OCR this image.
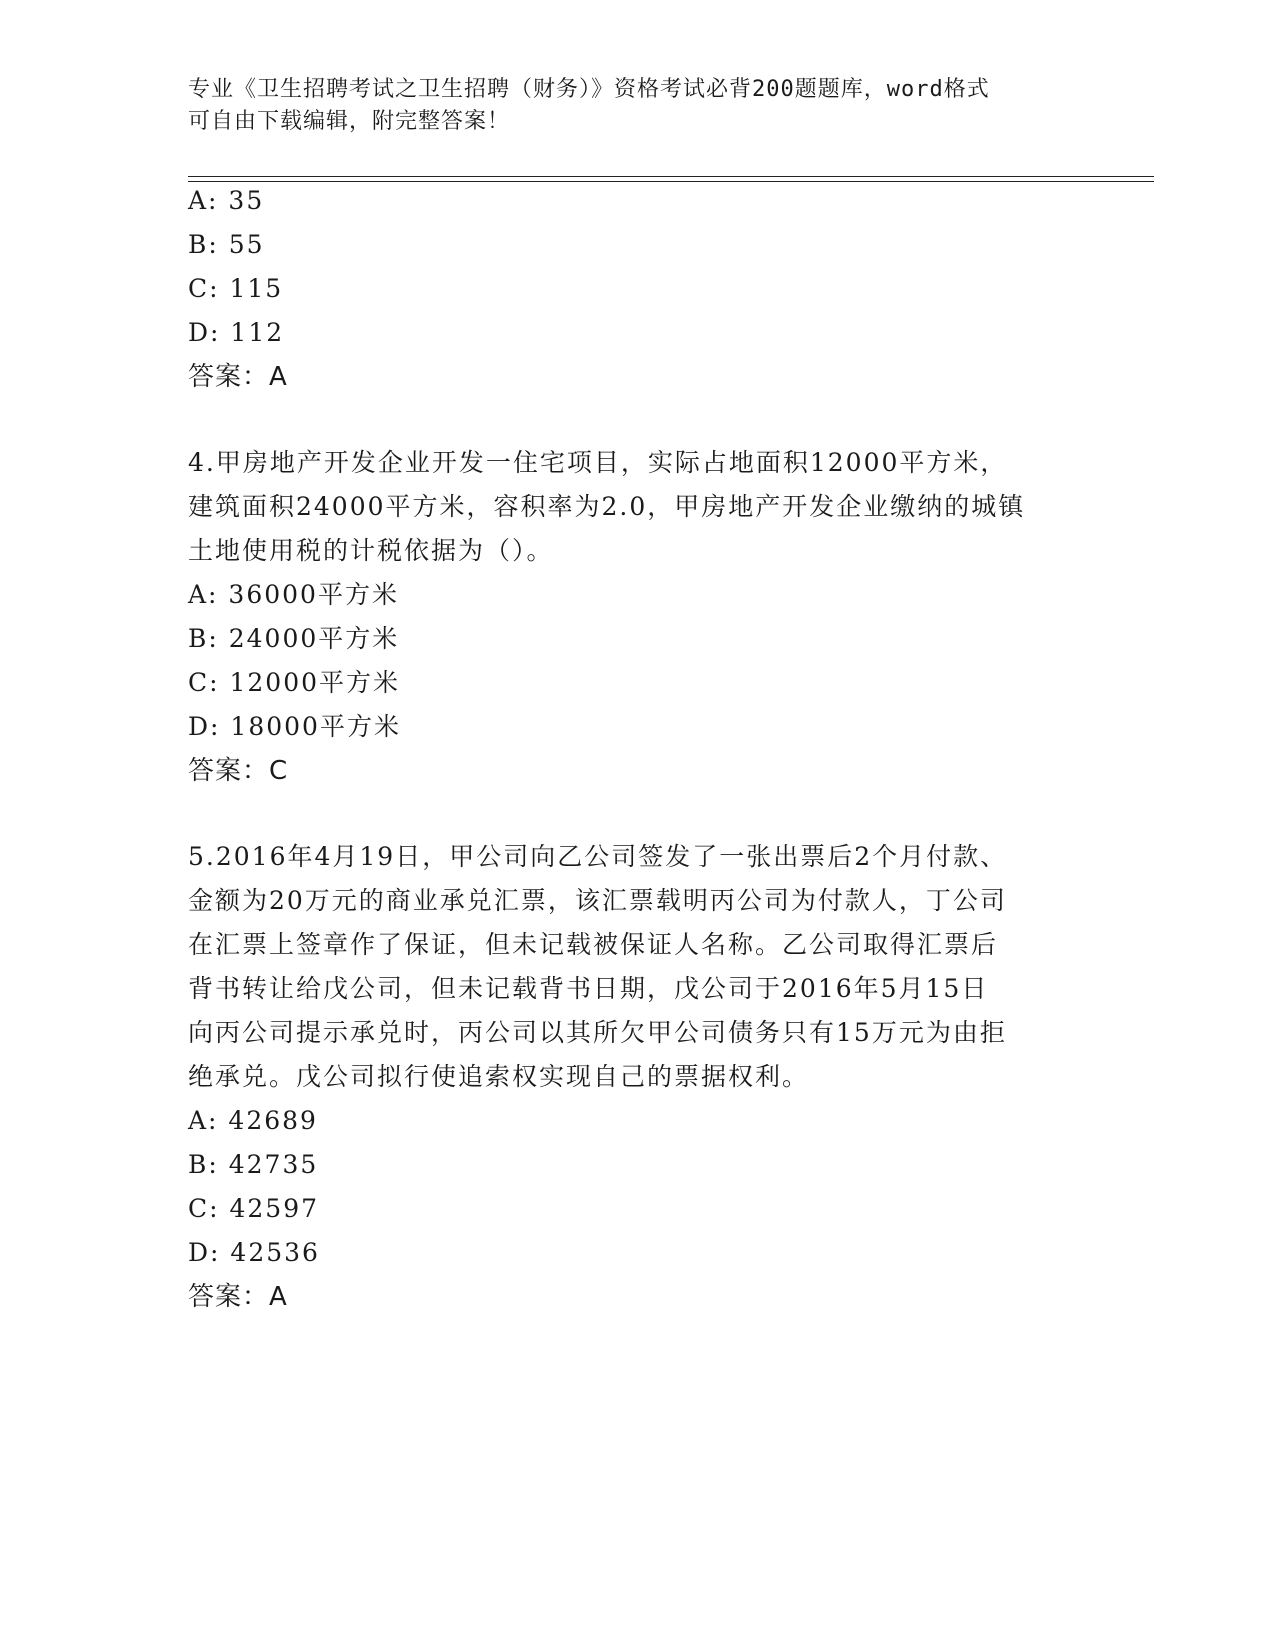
专业《卫生招聘考试之卫生招聘（财务）》资格考试必背200题题库，word格式
可自由下载编辑，附完整答案！
A: 35
B: 55
C: 115
D: 112
答案：A
4.甲房地产开发企业开发一住宅项目，实际占地面积12000平方米，
建筑面积24000平方米，容积率为2.0，甲房地产开发企业缴纳的城镇
土地使用税的计税依据为（）。
A: 36000平方米
B: 24000平方米
C: 12000平方米
D: 18000平方米
答案：C
5.2016年4月19日，甲公司向乙公司签发了一张出票后2个月付款、
金额为20万元的商业承兑汇票，该汇票载明丙公司为付款人，丁公司
在汇票上签章作了保证，但未记载被保证人名称。乙公司取得汇票后
背书转让给戊公司，但未记载背书日期，戊公司于2016年5月15日
向丙公司提示承兑时，丙公司以其所欠甲公司债务只有15万元为由拒
绝承兑。戊公司拟行使追索权实现自己的票据权利。
A: 42689
B: 42735
C: 42597
D: 42536
答案：A
